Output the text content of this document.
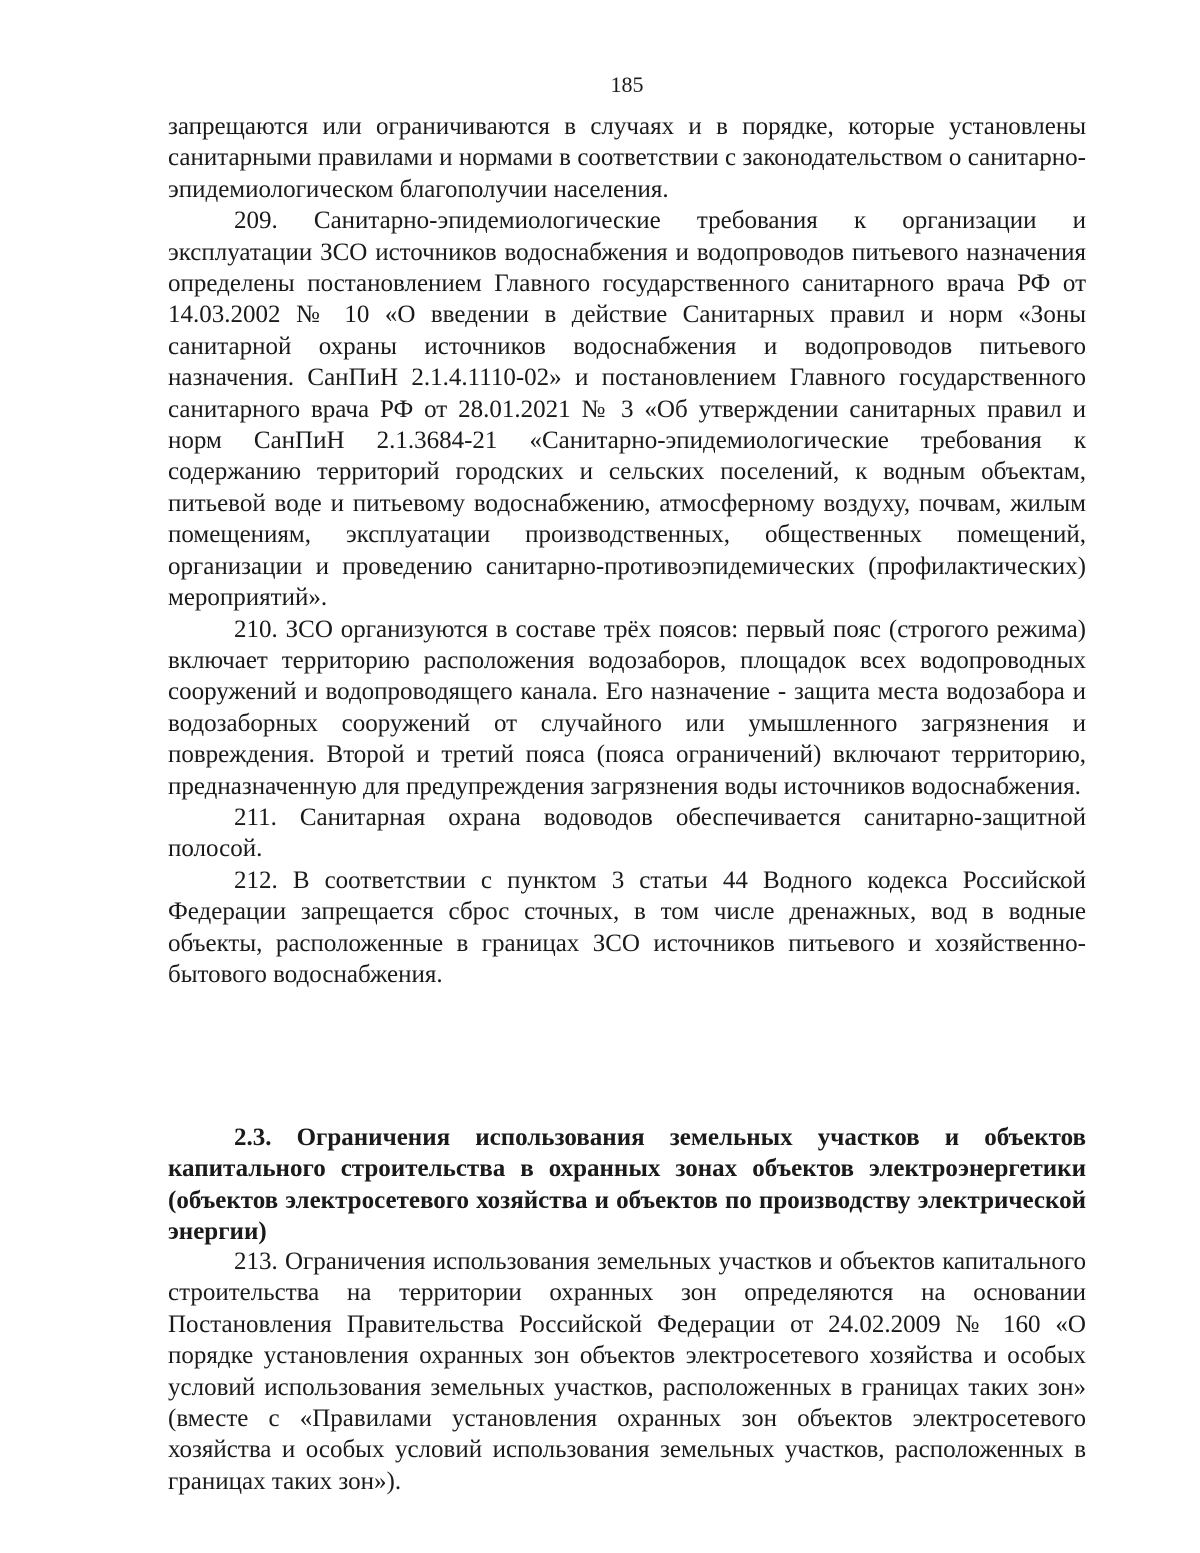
185

запрещаются или ограничиваются в случаях и в порядке, которые установлены санитарными правилами и нормами в соответствии с законодательством о санитарно-эпидемиологическом благополучии населения.

209. Санитарно-эпидемиологические требования к организации и эксплуатации ЗСО источников водоснабжения и водопроводов питьевого назначения определены постановлением Главного государственного санитарного врача РФ от 14.03.2002 № 10 «О введении в действие Санитарных правил и норм «Зоны санитарной охраны источников водоснабжения и водопроводов питьевого назначения. СанПиН 2.1.4.1110-02» и постановлением Главного государственного санитарного врача РФ от 28.01.2021 № 3 «Об утверждении санитарных правил и норм СанПиН 2.1.3684-21 «Санитарно-эпидемиологические требования к содержанию территорий городских и сельских поселений, к водным объектам, питьевой воде и питьевому водоснабжению, атмосферному воздуху, почвам, жилым помещениям, эксплуатации производственных, общественных помещений, организации и проведению санитарно-противоэпидемических (профилактических) мероприятий».

210. ЗСО организуются в составе трёх поясов: первый пояс (строгого режима) включает территорию расположения водозаборов, площадок всех водопроводных сооружений и водопроводящего канала. Его назначение - защита места водозабора и водозаборных сооружений от случайного или умышленного загрязнения и повреждения. Второй и третий пояса (пояса ограничений) включают территорию, предназначенную для предупреждения загрязнения воды источников водоснабжения.

211. Санитарная охрана водоводов обеспечивается санитарно-защитной полосой.

212. В соответствии с пунктом 3 статьи 44 Водного кодекса Российской Федерации запрещается сброс сточных, в том числе дренажных, вод в водные объекты, расположенные в границах ЗСО источников питьевого и хозяйственно-бытового водоснабжения.

2.3. Ограничения использования земельных участков и объектов капитального строительства в охранных зонах объектов электроэнергетики (объектов электросетевого хозяйства и объектов по производству электрической энергии)

213. Ограничения использования земельных участков и объектов капитального строительства на территории охранных зон определяются на основании Постановления Правительства Российской Федерации от 24.02.2009 № 160 «О порядке установления охранных зон объектов электросетевого хозяйства и особых условий использования земельных участков, расположенных в границах таких зон» (вместе с «Правилами установления охранных зон объектов электросетевого хозяйства и особых условий использования земельных участков, расположенных в границах таких зон»).
